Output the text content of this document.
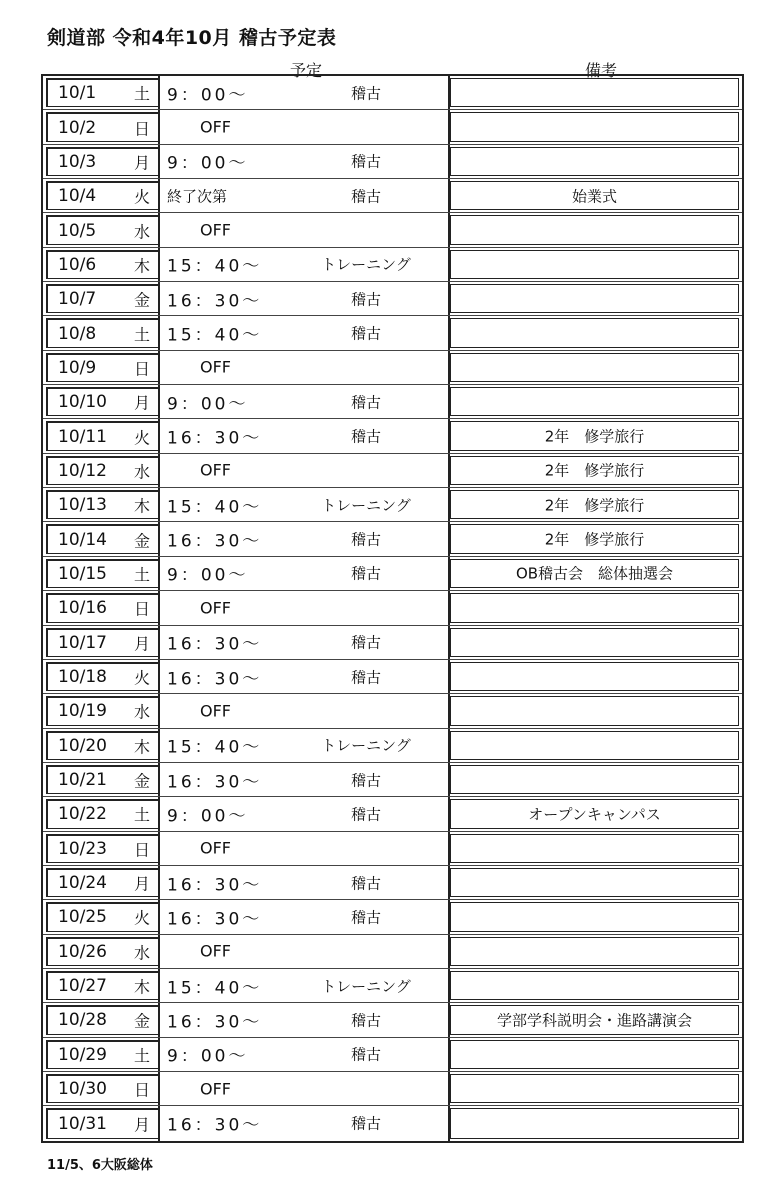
剣道部 令和4年10月 稽古予定表
予定	備考
10/1 土 9：00～	稽古
10/2 日	OFF
10/3 月 9：00～	稽古
10/4 火 終了次第	稽古	始業式
10/5 水	OFF
10/6 木 15：40～	トレーニング
10/7 金 16：30～	稽古
10/8 土 15：40～	稽古
10/9 日	OFF
10/10 月 9：00～	稽古
10/11 火 16：30～	稽古	2年　修学旅行
10/12 水	OFF	2年　修学旅行
10/13 木 15：40～	トレーニング	2年　修学旅行
10/14 金 16：30～	稽古	2年　修学旅行
10/15 土 9：00～	稽古	OB稽古会　総体抽選会
10/16 日	OFF
10/17 月 16：30～	稽古
10/18 火 16：30～	稽古
10/19 水	OFF
10/20 木 15：40～	トレーニング
10/21 金 16：30～	稽古
10/22 土 9：00～	稽古	オープンキャンパス
10/23 日	OFF
10/24 月 16：30～	稽古
10/25 火 16：30～	稽古
10/26 水	OFF
10/27 木 15：40～	トレーニング
10/28 金 16：30～	稽古	学部学科説明会・進路講演会
10/29 土 9：00～	稽古
10/30 日	OFF
10/31 月 16：30～	稽古
11/5、6大阪総体
